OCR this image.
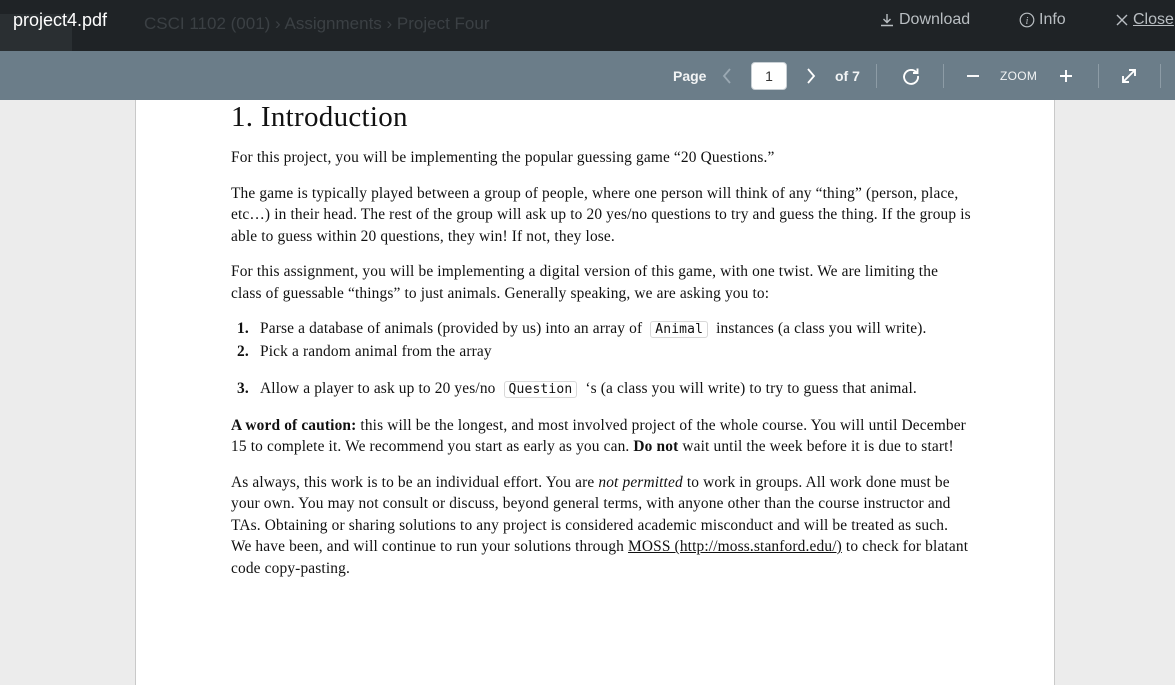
CSCI 1102 (001) › Assignments › Project Four
project4.pdf	Download	i Info	Close
Page
1	of 7	ZOOM
1. Introduction

For this project, you will be implementing the popular guessing game “20 Questions.”

The game is typically played between a group of people, where one person will think of any “thing” (person, place, etc…) in their head. The rest of the group will ask up to 20 yes/no questions to try and guess the thing. If the group is able to guess within 20 questions, they win! If not, they lose.

For this assignment, you will be implementing a digital version of this game, with one twist. We are limiting the class of guessable “things” to just animals. Generally speaking, we are asking you to:

1. Parse a database of animals (provided by us) into an array of Animal instances (a class you will write).
2. Pick a random animal from the array
3. Allow a player to ask up to 20 yes/no Question ‘s (a class you will write) to try to guess that animal.

A word of caution: this will be the longest, and most involved project of the whole course. You will until December 15 to complete it. We recommend you start as early as you can. Do not wait until the week before it is due to start!

As always, this work is to be an individual effort. You are not permitted to work in groups. All work done must be your own. You may not consult or discuss, beyond general terms, with anyone other than the course instructor and TAs. Obtaining or sharing solutions to any project is considered academic misconduct and will be treated as such. We have been, and will continue to run your solutions through MOSS (http://moss.stanford.edu/) to check for blatant code copy-pasting.
